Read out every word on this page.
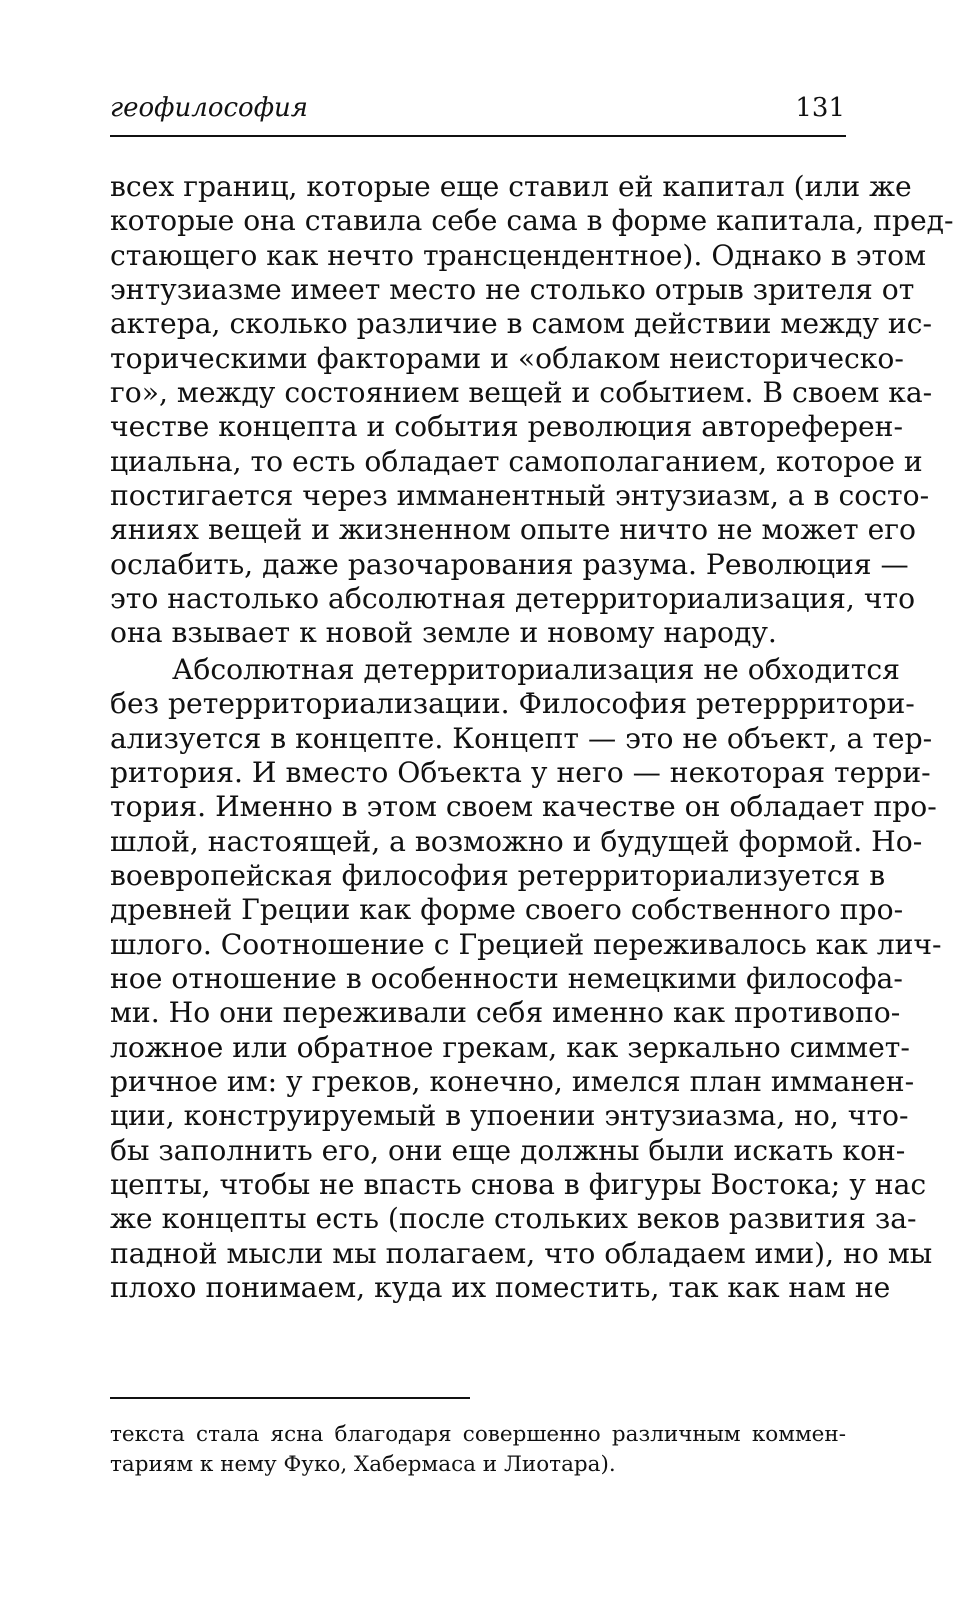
геофилософия	131
всех границ, которые еще ставил ей капитал (или же
которые она ставила себе сама в форме капитала, пред-
стающего как нечто трансцендентное). Однако в этом
энтузиазме имеет место не столько отрыв зрителя от
актера, сколько различие в самом действии между ис-
торическими факторами и «облаком неисторическо-
го», между состоянием вещей и событием. В своем ка-
честве концепта и события революция автореферен-
циальна, то есть обладает самополаганием, которое и
постигается через имманентный энтузиазм, а в состо-
яниях вещей и жизненном опыте ничто не может его
ослабить, даже разочарования разума. Революция —
это настолько абсолютная детерриториализация, что
она взывает к новой земле и новому народу.
Абсолютная детерриториализация не обходится
без ретерриториализации. Философия ретеррритори-
ализуется в концепте. Концепт — это не объект, а тер-
ритория. И вместо Объекта у него — некоторая терри-
тория. Именно в этом своем качестве он обладает про-
шлой, настоящей, а возможно и будущей формой. Но-
воевропейская философия ретерриториализуется в
древней Греции как форме своего собственного про-
шлого. Соотношение с Грецией переживалось как лич-
ное отношение в особенности немецкими философа-
ми. Но они переживали себя именно как противопо-
ложное или обратное грекам, как зеркально симмет-
ричное им: у греков, конечно, имелся план имманен-
ции, конструируемый в упоении энтузиазма, но, что-
бы заполнить его, они еще должны были искать кон-
цепты, чтобы не впасть снова в фигуры Востока; у нас
же концепты есть (после стольких веков развития за-
падной мысли мы полагаем, что обладаем ими), но мы
плохо понимаем, куда их поместить, так как нам не
текста стала ясна благодаря совершенно различным коммен-
тариям к нему Фуко, Хабермаса и Лиотара).
